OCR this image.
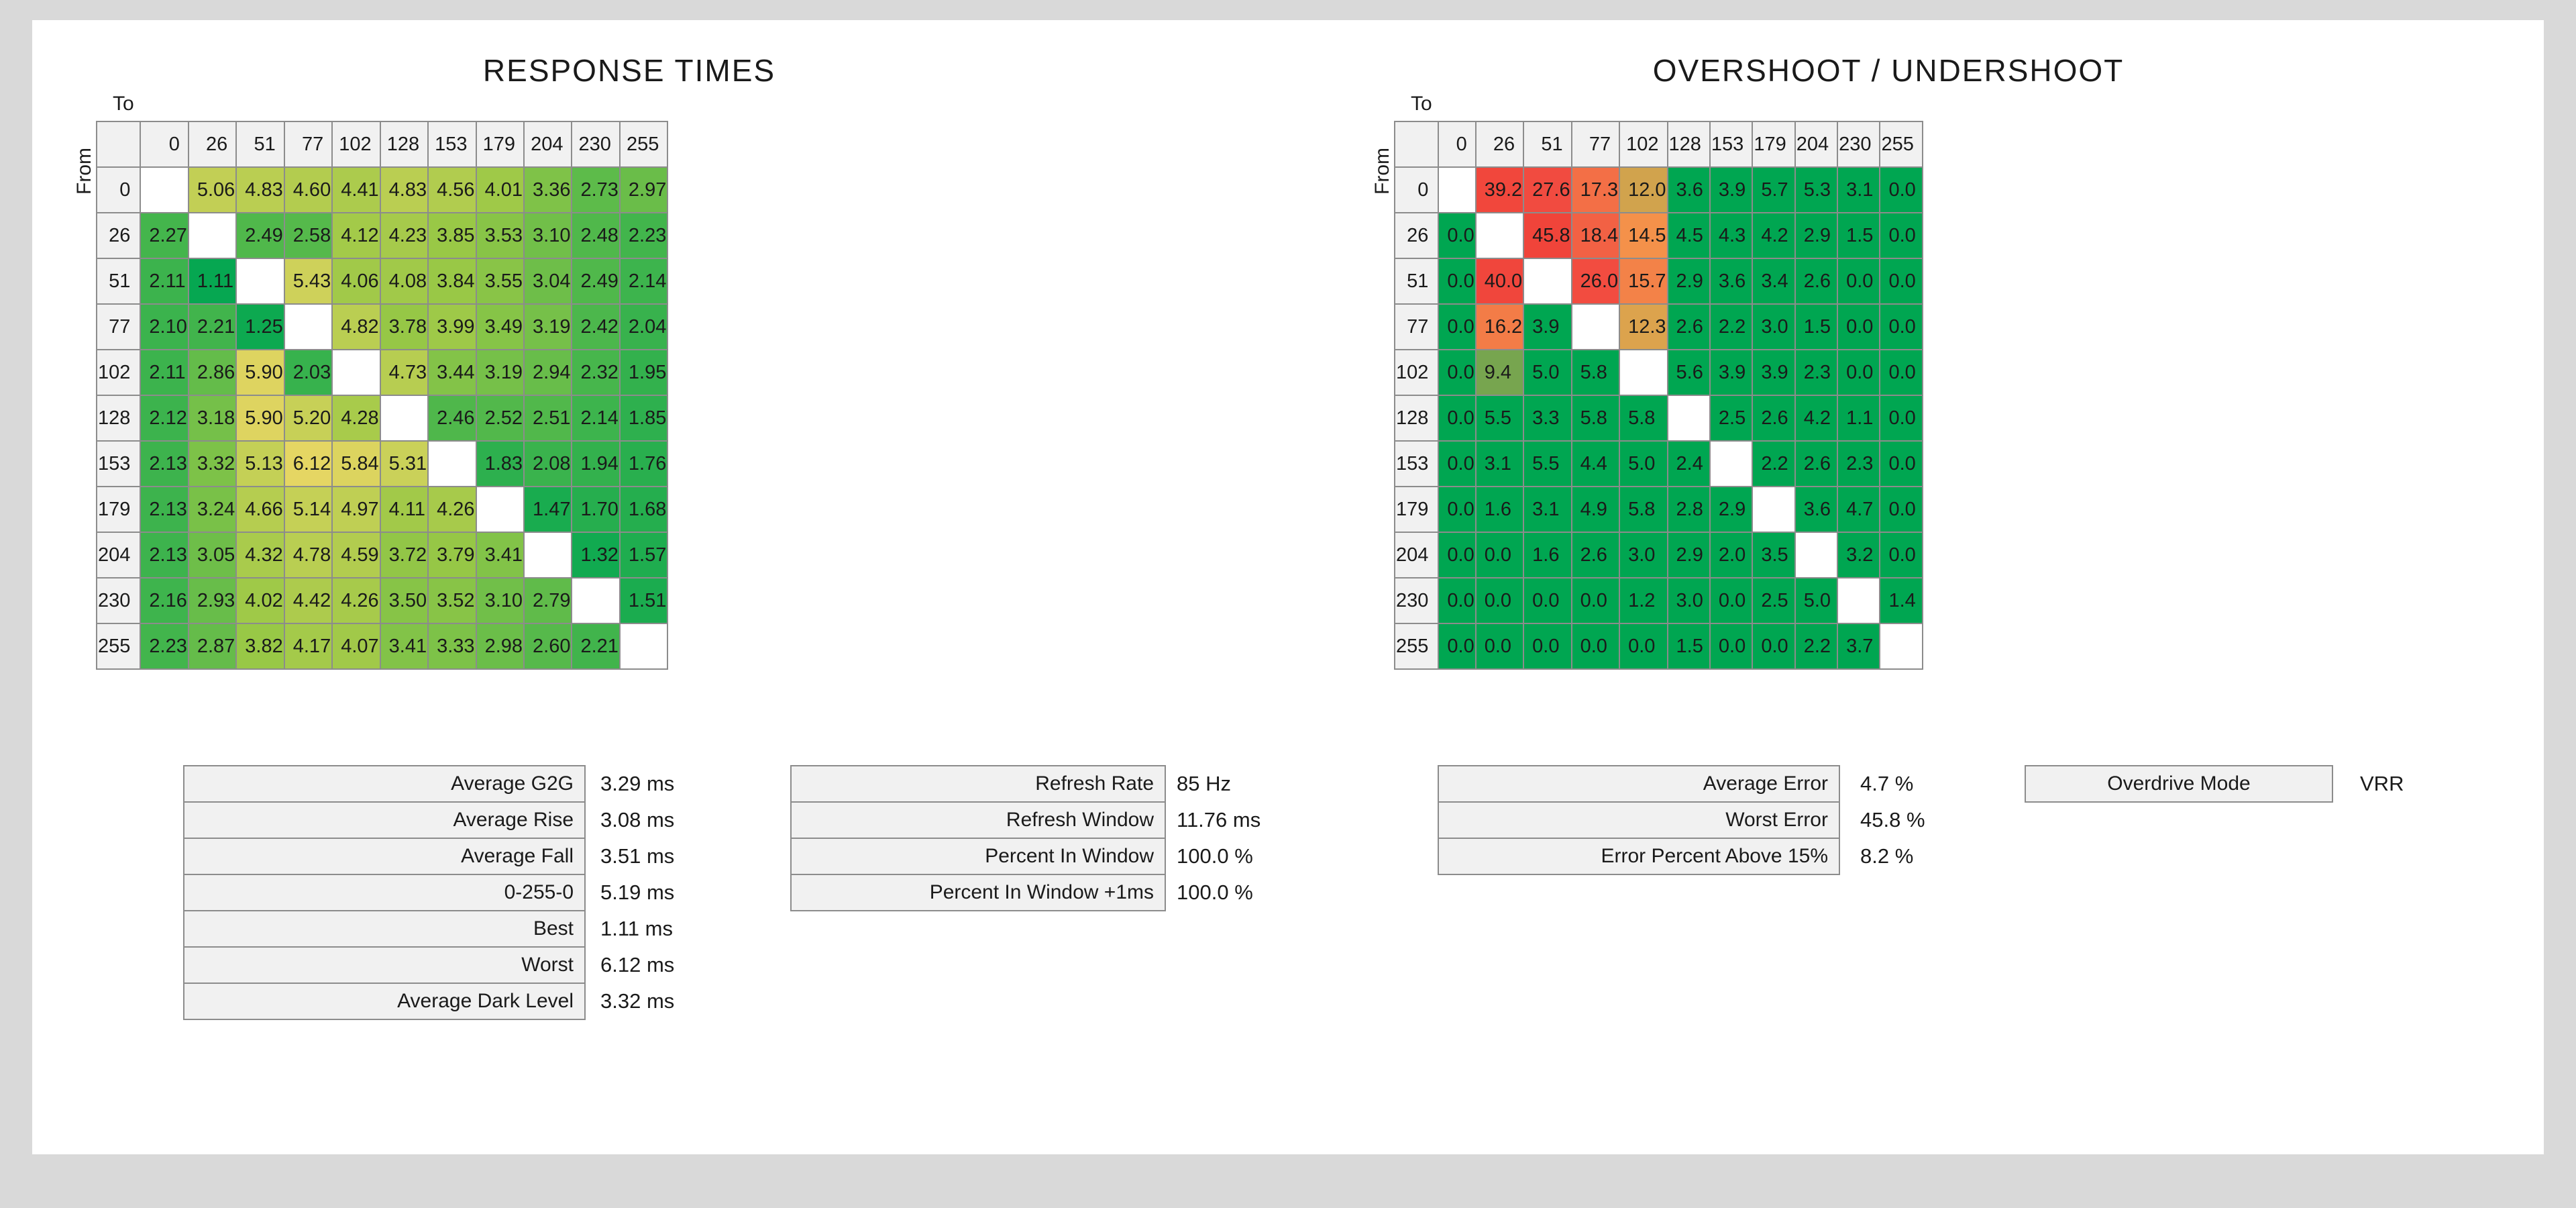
RESPONSE TIMES
To
From
	0	26	51	77	102	128	153	179	204	230	255
0		5.06	4.83	4.60	4.41	4.83	4.56	4.01	3.36	2.73	2.97
26	2.27		2.49	2.58	4.12	4.23	3.85	3.53	3.10	2.48	2.23
51	2.11	1.11		5.43	4.06	4.08	3.84	3.55	3.04	2.49	2.14
77	2.10	2.21	1.25		4.82	3.78	3.99	3.49	3.19	2.42	2.04
102	2.11	2.86	5.90	2.03		4.73	3.44	3.19	2.94	2.32	1.95
128	2.12	3.18	5.90	5.20	4.28		2.46	2.52	2.51	2.14	1.85
153	2.13	3.32	5.13	6.12	5.84	5.31		1.83	2.08	1.94	1.76
179	2.13	3.24	4.66	5.14	4.97	4.11	4.26		1.47	1.70	1.68
204	2.13	3.05	4.32	4.78	4.59	3.72	3.79	3.41		1.32	1.57
230	2.16	2.93	4.02	4.42	4.26	3.50	3.52	3.10	2.79		1.51
255	2.23	2.87	3.82	4.17	4.07	3.41	3.33	2.98	2.60	2.21	
Average G2G	3.29 ms
Average Rise	3.08 ms
Average Fall	3.51 ms
0-255-0	5.19 ms
Best	1.11 ms
Worst	6.12 ms
Average Dark Level	3.32 ms
Refresh Rate	85 Hz
Refresh Window	11.76 ms
Percent In Window	100.0 %
Percent In Window +1ms	100.0 %
OVERSHOOT / UNDERSHOOT
To
From
	0	26	51	77	102	128	153	179	204	230	255
0		39.2	27.6	17.3	12.0	3.6	3.9	5.7	5.3	3.1	0.0
26	0.0		45.8	18.4	14.5	4.5	4.3	4.2	2.9	1.5	0.0
51	0.0	40.0		26.0	15.7	2.9	3.6	3.4	2.6	0.0	0.0
77	0.0	16.2	3.9		12.3	2.6	2.2	3.0	1.5	0.0	0.0
102	0.0	9.4	5.0	5.8		5.6	3.9	3.9	2.3	0.0	0.0
128	0.0	5.5	3.3	5.8	5.8		2.5	2.6	4.2	1.1	0.0
153	0.0	3.1	5.5	4.4	5.0	2.4		2.2	2.6	2.3	0.0
179	0.0	1.6	3.1	4.9	5.8	2.8	2.9		3.6	4.7	0.0
204	0.0	0.0	1.6	2.6	3.0	2.9	2.0	3.5		3.2	0.0
230	0.0	0.0	0.0	0.0	1.2	3.0	0.0	2.5	5.0		1.4
255	0.0	0.0	0.0	0.0	0.0	1.5	0.0	0.0	2.2	3.7	
Average Error	4.7 %
Worst Error	45.8 %
Error Percent Above 15%	8.2 %
Overdrive Mode	VRR
